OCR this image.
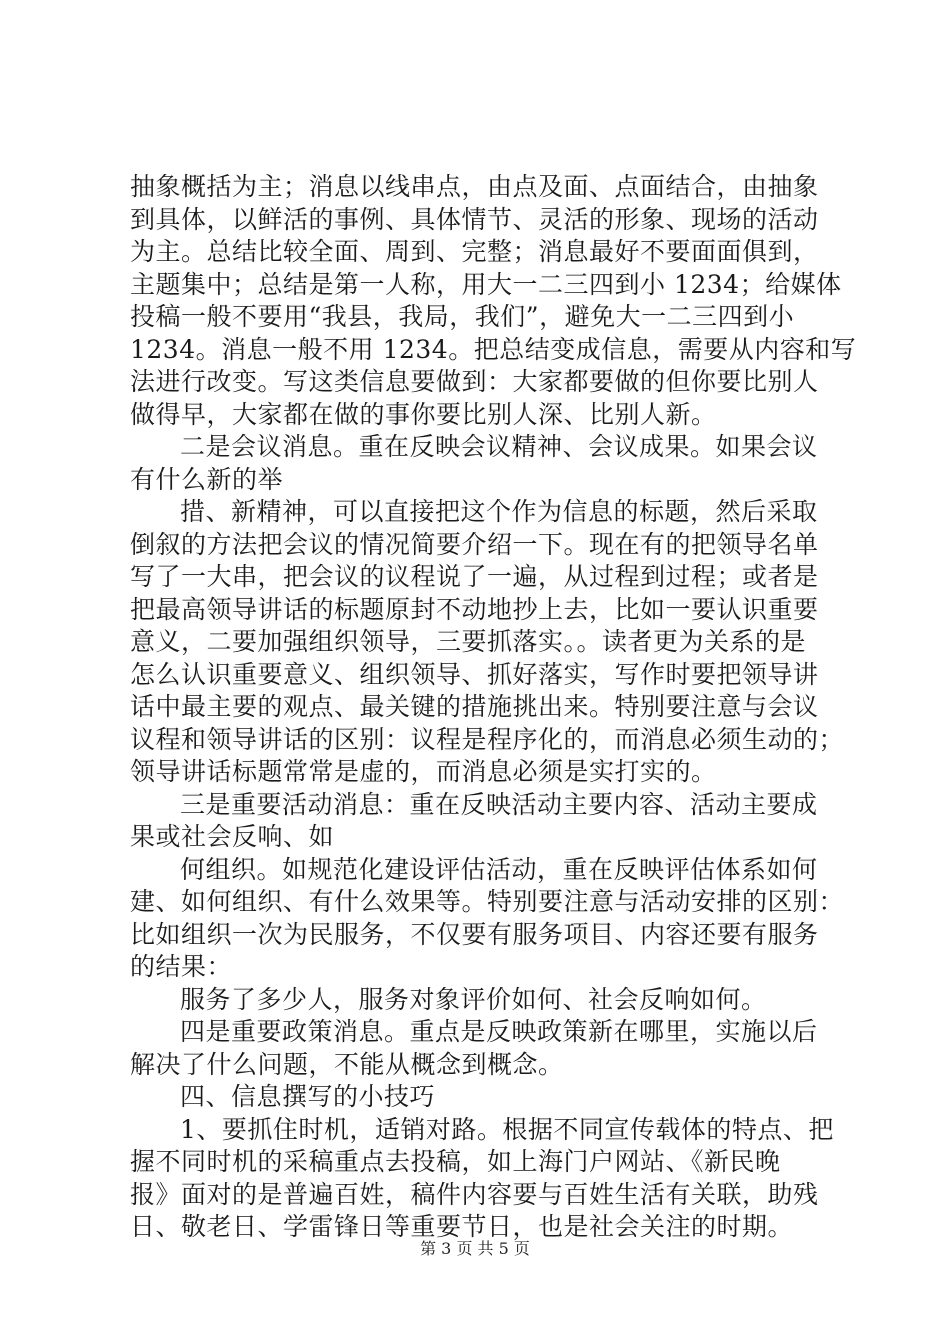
抽象概括为主；消息以线串点，由点及面、点面结合，由抽象
到具体，以鲜活的事例、具体情节、灵活的形象、现场的活动
为主。总结比较全面、周到、完整；消息最好不要面面俱到，
主题集中；总结是第一人称，用大一二三四到小 1234；给媒体
投稿一般不要用“我县，我局，我们”，避免大一二三四到小
1234。消息一般不用 1234。把总结变成信息，需要从内容和写
法进行改变。写这类信息要做到：大家都要做的但你要比别人
做得早，大家都在做的事你要比别人深、比别人新。
二是会议消息。重在反映会议精神、会议成果。如果会议
有什么新的举
措、新精神，可以直接把这个作为信息的标题，然后采取
倒叙的方法把会议的情况简要介绍一下。现在有的把领导名单
写了一大串，把会议的议程说了一遍，从过程到过程；或者是
把最高领导讲话的标题原封不动地抄上去，比如一要认识重要
意义，二要加强组织领导，三要抓落实。。读者更为关系的是
怎么认识重要意义、组织领导、抓好落实，写作时要把领导讲
话中最主要的观点、最关键的措施挑出来。特别要注意与会议
议程和领导讲话的区别：议程是程序化的，而消息必须生动的；
领导讲话标题常常是虚的，而消息必须是实打实的。
三是重要活动消息：重在反映活动主要内容、活动主要成
果或社会反响、如
何组织。如规范化建设评估活动，重在反映评估体系如何
建、如何组织、有什么效果等。特别要注意与活动安排的区别：
比如组织一次为民服务，不仅要有服务项目、内容还要有服务
的结果：
服务了多少人，服务对象评价如何、社会反响如何。
四是重要政策消息。重点是反映政策新在哪里，实施以后
解决了什么问题，不能从概念到概念。
四、信息撰写的小技巧
1、要抓住时机，适销对路。根据不同宣传载体的特点、把
握不同时机的采稿重点去投稿，如上海门户网站、《新民晚
报》面对的是普遍百姓，稿件内容要与百姓生活有关联，助残
日、敬老日、学雷锋日等重要节日，也是社会关注的时期。
第 3 页 共 5 页
